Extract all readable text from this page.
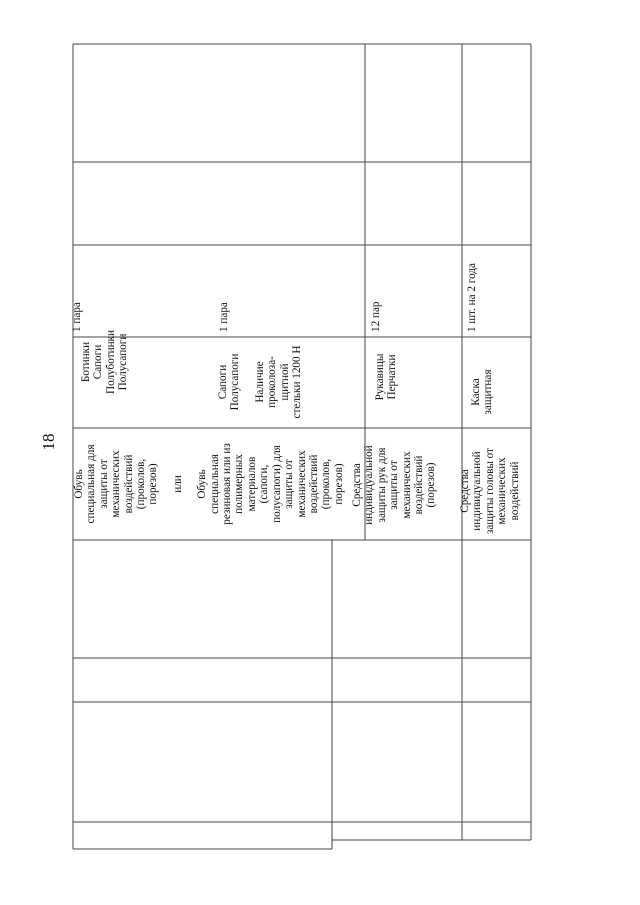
18
Обувь специальная для защиты от механических воздействий (проколов, порезов) или Обувь специальная резиновая или из полимерных материалов (сапоги, полусапоги) для защиты от механических воздействий (проколов, порезов)
Ботинки Сапоги Полуботинки Полусапоги	Сапоги Полусапоги Наличие проколоза- щитной стельки 1200 Н
1 пара	1 пара
Средства индивидуальной защиты рук для защиты от механических воздействий (порезов)
Рукавицы Перчатки
12 пар
Средства индивидуальной защиты головы от механических воздействий
Каска защитная
1 шт. на 2 года
